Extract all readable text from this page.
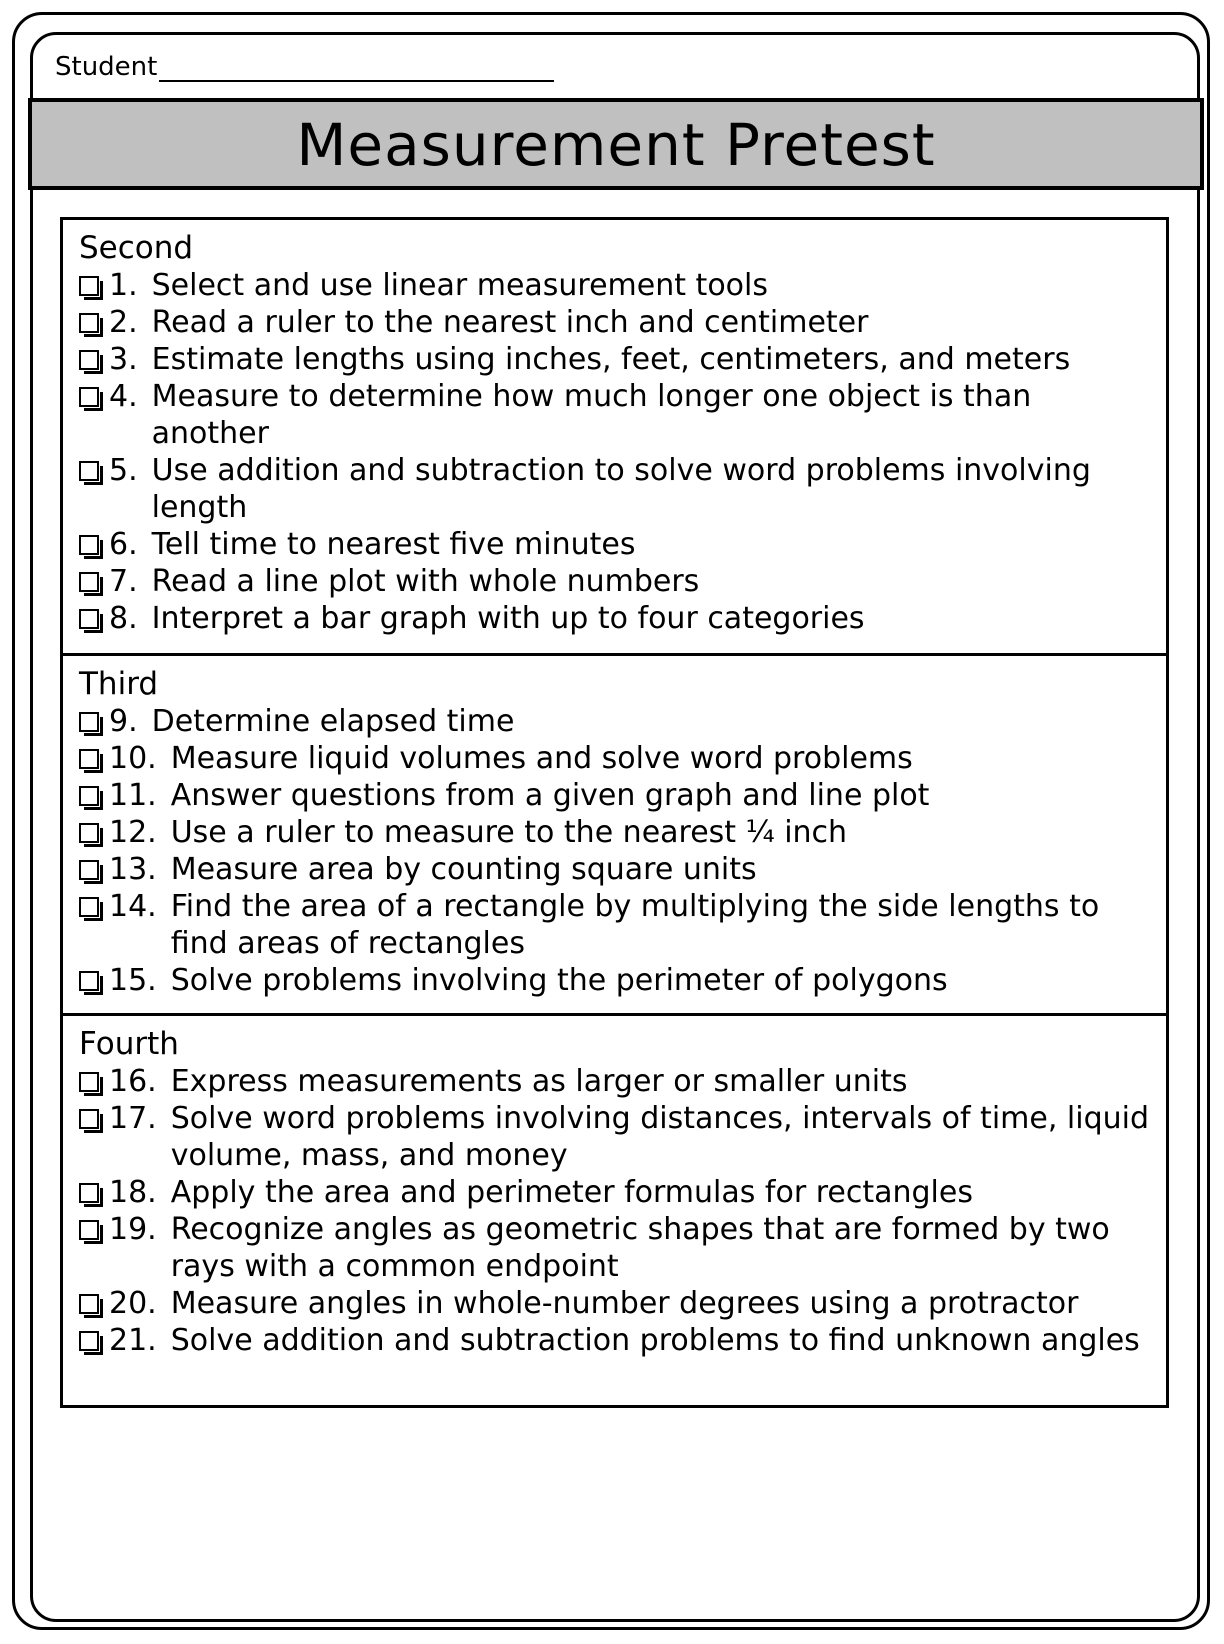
Student
Measurement Pretest
Second
1. Select and use linear measurement tools
2. Read a ruler to the nearest inch and centimeter
3. Estimate lengths using inches, feet, centimeters, and meters
4. Measure to determine how much longer one object is than another
5. Use addition and subtraction to solve word problems involving length
6. Tell time to nearest five minutes
7. Read a line plot with whole numbers
8. Interpret a bar graph with up to four categories
Third
9. Determine elapsed time
10. Measure liquid volumes and solve word problems
11. Answer questions from a given graph and line plot
12. Use a ruler to measure to the nearest ¼ inch
13. Measure area by counting square units
14. Find the area of a rectangle by multiplying the side lengths to find areas of rectangles
15. Solve problems involving the perimeter of polygons
Fourth
16. Express measurements as larger or smaller units
17. Solve word problems involving distances, intervals of time, liquid volume, mass, and money
18. Apply the area and perimeter formulas for rectangles
19. Recognize angles as geometric shapes that are formed by two rays with a common endpoint
20. Measure angles in whole-number degrees using a protractor
21. Solve addition and subtraction problems to find unknown angles
